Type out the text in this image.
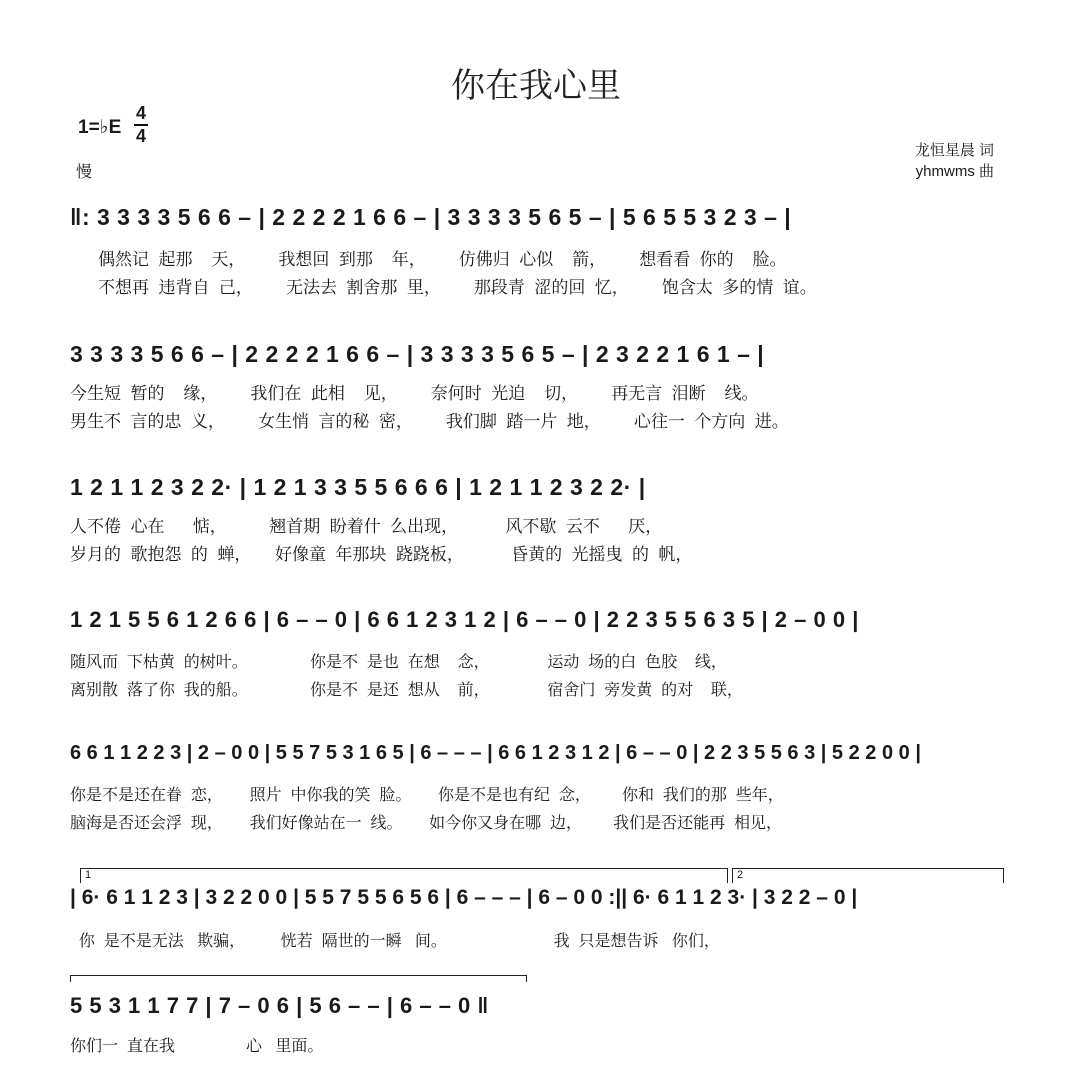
你在我心里
1=♭E $\frac{4}{4}$
慢
龙恒星晨 词
yhmwms 曲
‖: 3 3 3 3 5 6 6 – | 2 2 2 2 1 6 6 – | 3 3 3 3 5 6 5 – | 5 6 5 5 3 2 3 – |
偶然记  起那    天，       我想回  到那    年，       仿佛归  心似    箭，       想看看  你的    脸。
不想再  违背自  己，       无法去  割舍那  里，       那段青  涩的回  忆，       饱含太  多的情  谊。
3 3 3 3 5 6 6 – | 2 2 2 2 1 6 6 – | 3 3 3 3 5 6 5 – | 2 3 2 2 1 6 1 – |
今生短  暂的    缘，       我们在  此相    见，       奈何时  光迫    切，       再无言  泪断    线。
男生不  言的忠  义，       女生悄  言的秘  密，       我们脚  踏一片  地，       心往一  个方向  进。
1 2 1 1 2 3 2 2· | 1 2 1 3 3 5 5 6 6 6 | 1 2 1 1 2 3 2 2· |
人不倦  心在      惦，         翘首期  盼着什  么出现，          风不歇  云不      厌，
岁月的  歌抱怨  的  蝉，     好像童  年那块  跷跷板，          昏黄的  光摇曳  的  帆，
1 2 1 5 5 6 1 2 6 6 | 6 – – 0 | 6 6 1 2 3 1 2 | 6 – – 0 | 2 2 3 5 5 6 3 5 | 2 – 0 0 |
随风而  下枯黄  的树叶。              你是不  是也  在想    念，             运动  场的白  色胶    线，
离别散  落了你  我的船。              你是不  是还  想从    前，             宿舍门  旁发黄  的对    联，
6 6 1 1 2 2 3 | 2 – 0 0 | 5 5 7 5 3 1 6 5 | 6 – – – | 6 6 1 2 3 1 2 | 6 – – 0 | 2 2 3 5 5 6 3 | 5 2 2 0 0 |
你是不是还在眷  恋，      照片  中你我的笑  脸。      你是不是也有纪  念，       你和  我们的那  些年，
脑海是否还会浮  现，      我们好像站在一  线。      如今你又身在哪  边，       我们是否还能再  相见，
1	2
| 6· 6 1 1 2 3 | 3 2 2 0 0 | 5 5 7 5 5 6 5 6 | 6 – – – | 6 – 0 0 :|| 6· 6 1 1 2 3· | 3 2 2 – 0 |
你  是不是无法   欺骗，        恍若  隔世的一瞬   间。                        我  只是想告诉   你们，
5 5 3 1 1 7 7 | 7 – 0 6 | 5 6 – – | 6 – – 0 ‖
你们一  直在我                心   里面。
